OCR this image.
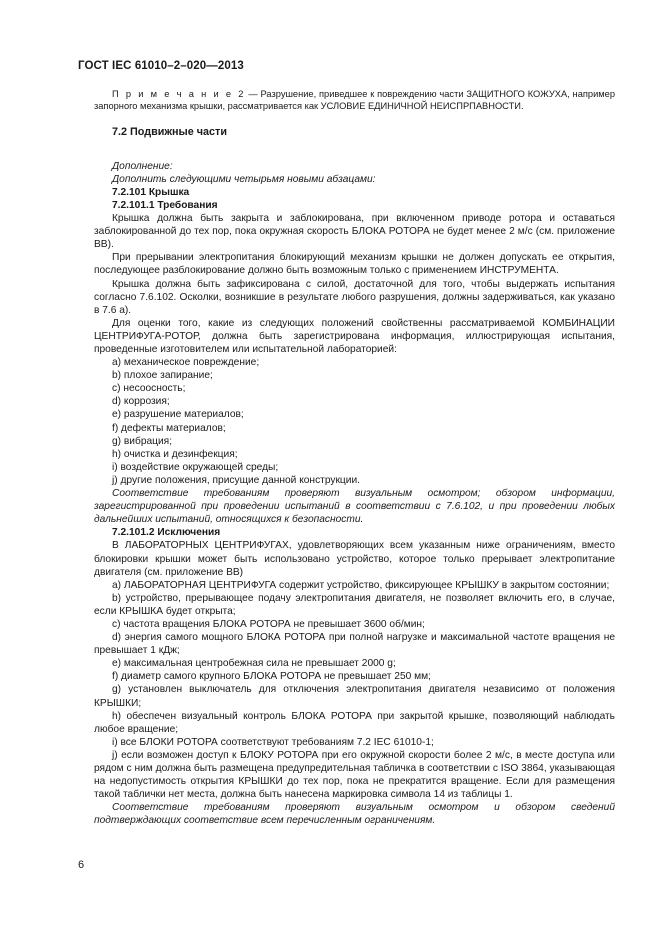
ГОСТ IEC 61010–2–020—2013

П р и м е ч а н и е 2 — Разрушение, приведшее к повреждению части ЗАЩИТНОГО КОЖУХА, например запорного механизма крышки, рассматривается как УСЛОВИЕ ЕДИНИЧНОЙ НЕИСПРПАВНОСТИ.

7.2 Подвижные части

Дополнение:

Дополнить следующими четырьмя новыми абзацами:

7.2.101 Крышка

7.2.101.1 Требования

Крышка должна быть закрыта и заблокирована, при включенном приводе ротора и оставаться заблокированной до тех пор, пока окружная скорость БЛОКА РОТОРА не будет менее 2 м/с (см. приложение ВВ).

При прерывании электропитания блокирующий механизм крышки не должен допускать ее открытия, последующее разблокирование должно быть возможным только с применением ИНСТРУМЕНТА.

Крышка должна быть зафиксирована с силой, достаточной для того, чтобы выдержать испытания согласно 7.6.102. Осколки, возникшие в результате любого разрушения, должны задерживаться, как указано в 7.6 а).

Для оценки того, какие из следующих положений свойственны рассматриваемой КОМБИНАЦИИ ЦЕНТРИФУГА-РОТОР, должна быть зарегистрирована информация, иллюстрирующая испытания, проведенные изготовителем или испытательной лабораторией:

а) механическое повреждение;

b) плохое запирание;

c) несоосность;

d) коррозия;

e) разрушение материалов;

f) дефекты материалов;

g) вибрация;

h) очистка и дезинфекция;

i) воздействие окружающей среды;

j) другие положения, присущие данной конструкции.

Соответствие требованиям проверяют визуальным осмотром; обзором информации, зарегистрированной при проведении испытаний в соответствии с 7.6.102, и при проведении любых дальнейших испытаний, относящихся к безопасности.

7.2.101.2 Исключения

В ЛАБОРАТОРНЫХ ЦЕНТРИФУГАХ, удовлетворяющих всем указанным ниже ограничениям, вместо блокировки крышки может быть использовано устройство, которое только прерывает электропитание двигателя (см. приложение ВВ)

а) ЛАБОРАТОРНАЯ ЦЕНТРИФУГА содержит устройство, фиксирующее КРЫШКУ в закрытом состоянии;

b) устройство, прерывающее подачу электропитания двигателя, не позволяет включить его, в случае, если КРЫШКА будет открыта;

c) частота вращения БЛОКА РОТОРА не превышает 3600 об/мин;

d) энергия самого мощного БЛОКА РОТОРА при полной нагрузке и максимальной частоте вращения не превышает 1 кДж;

e) максимальная центробежная сила не превышает 2000 g;

f) диаметр самого крупного БЛОКА РОТОРА не превышает 250 мм;

g) установлен выключатель для отключения электропитания двигателя независимо от положения КРЫШКИ;

h) обеспечен визуальный контроль БЛОКА РОТОРА при закрытой крышке, позволяющий наблюдать любое вращение;

i) все БЛОКИ РОТОРА соответствуют требованиям 7.2 IEC 61010-1;

j) если возможен доступ к БЛОКУ РОТОРА при его окружной скорости более 2 м/с, в месте доступа или рядом с ним должна быть размещена предупредительная табличка в соответствии с ISO 3864, указывающая на недопустимость открытия КРЫШКИ до тех пор, пока не прекратится вращение. Если для размещения такой таблички нет места, должна быть нанесена маркировка символа 14 из таблицы 1.

Соответствие требованиям проверяют визуальным осмотром и обзором сведений подтверждающих соответствие всем перечисленным ограничениям.

6
